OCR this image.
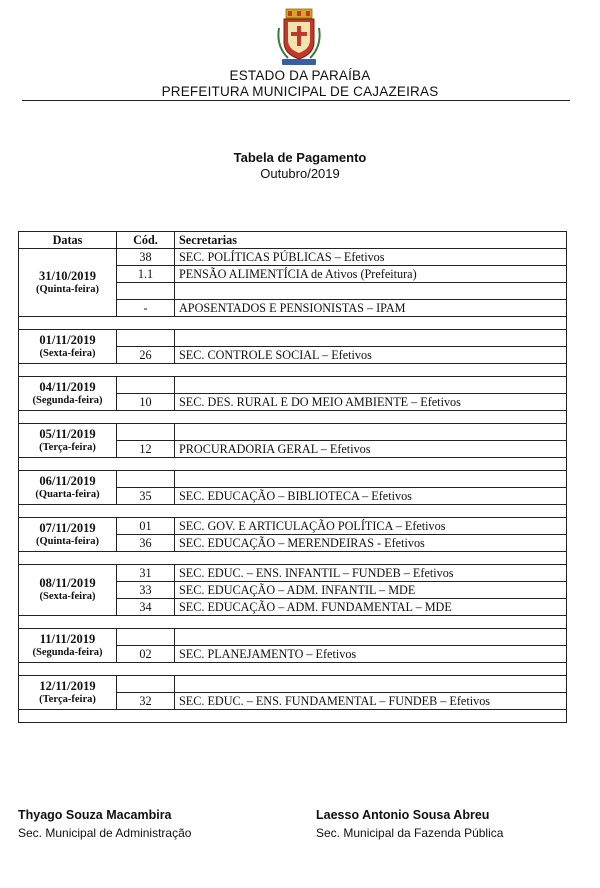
ESTADO DA PARAÍBA
PREFEITURA MUNICIPAL DE CAJAZEIRAS
Tabela de Pagamento
Outubro/2019
Datas	Cód.	Secretarias

31/10/2019
(Quinta-feira)	38	SEC. POLÍTICAS PÚBLICAS – Efetivos
	1.1	PENSÃO ALIMENTÍCIA de Ativos (Prefeitura)

	-	APOSENTADOS E PENSIONISTAS – IPAM

01/11/2019
(Sexta-feira)		

	26	SEC. CONTROLE SOCIAL – Efetivos

04/11/2019
(Segunda-feira)		

	10	SEC. DES. RURAL E DO MEIO AMBIENTE – Efetivos

05/11/2019
(Terça-feira)		

	12	PROCURADORIA GERAL – Efetivos

06/11/2019
(Quarta-feira)		

	35	SEC. EDUCAÇÃO – BIBLIOTECA – Efetivos

07/11/2019
(Quinta-feira)	01	SEC. GOV. E ARTICULAÇÃO POLÍTICA – Efetivos
	36	SEC. EDUCAÇÃO – MERENDEIRAS - Efetivos

08/11/2019
(Sexta-feira)	31	SEC. EDUC. – ENS. INFANTIL – FUNDEB – Efetivos
	33	SEC. EDUCAÇÃO – ADM. INFANTIL – MDE
	34	SEC. EDUCAÇÃO – ADM. FUNDAMENTAL – MDE

11/11/2019
(Segunda-feira)		

	02	SEC. PLANEJAMENTO – Efetivos

12/11/2019
(Terça-feira)		

	32	SEC. EDUC. – ENS. FUNDAMENTAL – FUNDEB – Efetivos

Thyago Souza Macambira
Sec. Municipal de Administração
Laesso Antonio Sousa Abreu
Sec. Municipal da Fazenda Pública
